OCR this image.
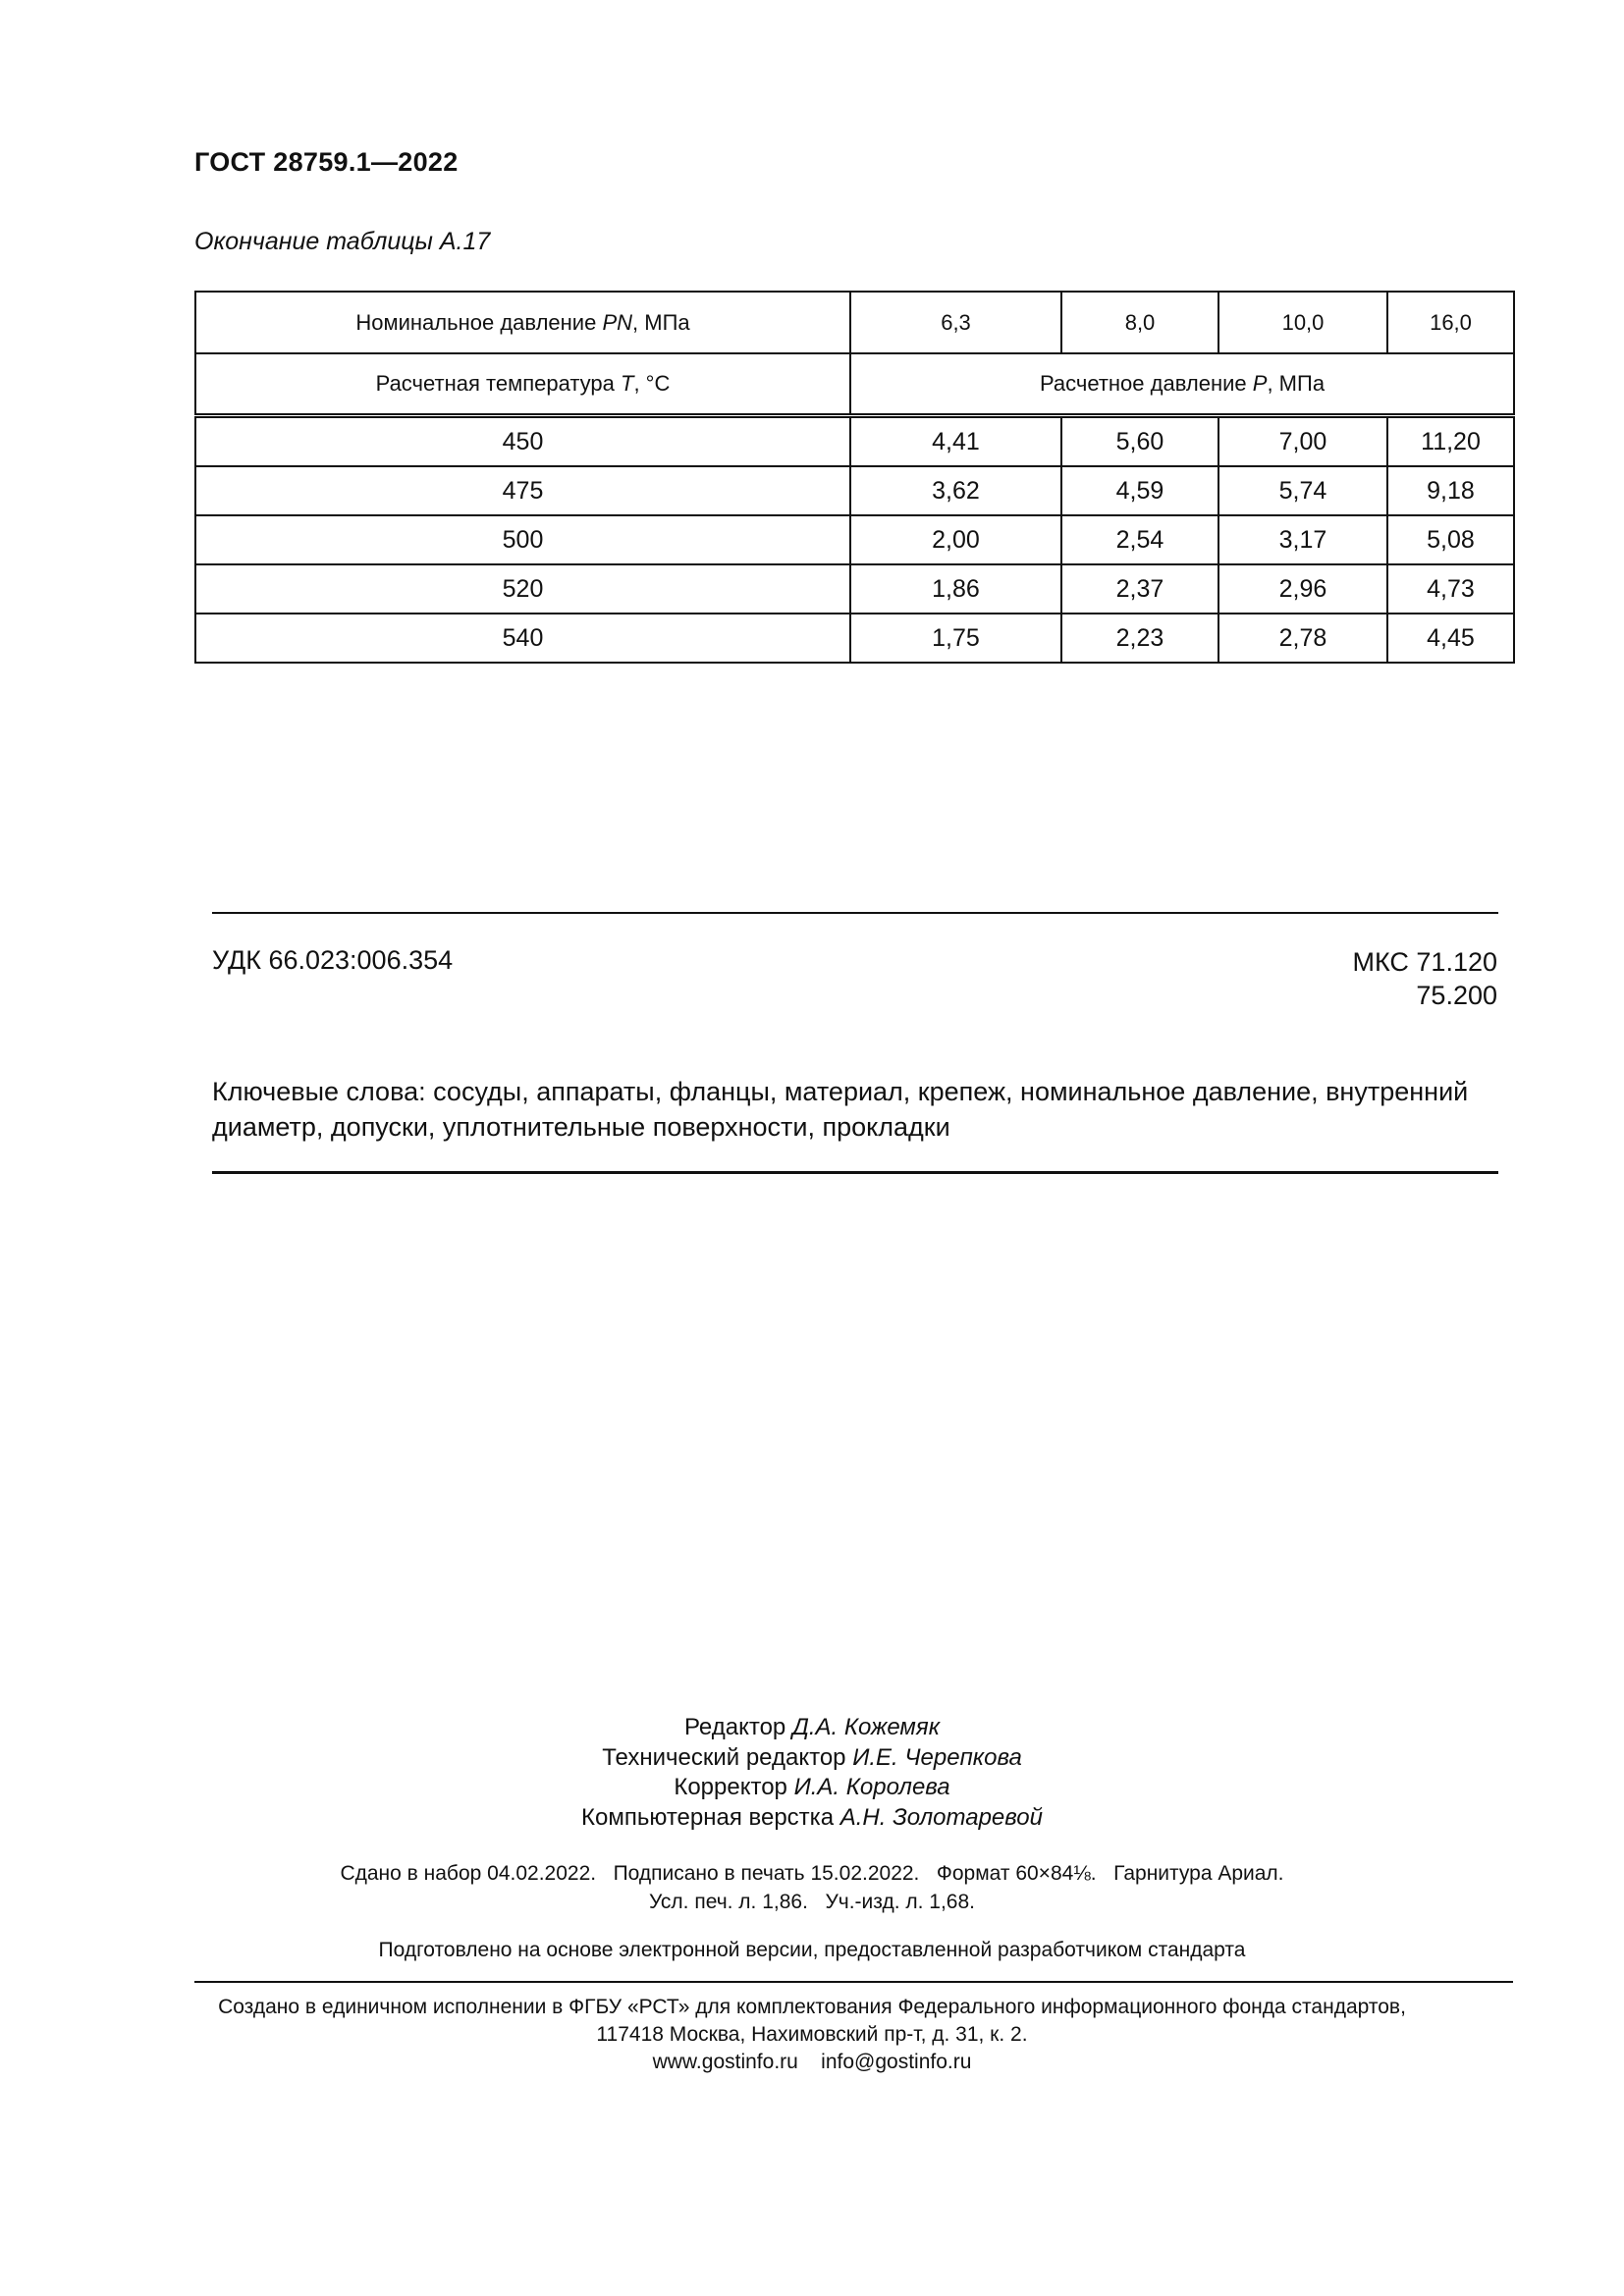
ГОСТ 28759.1—2022
Окончание таблицы А.17
Номинальное давление PN, МПа	6,3	8,0	10,0	16,0
Расчетная температура T, °С	Расчетное давление P, МПа			
450	4,41	5,60	7,00	11,20
475	3,62	4,59	5,74	9,18
500	2,00	2,54	3,17	5,08
520	1,86	2,37	2,96	4,73
540	1,75	2,23	2,78	4,45
УДК 66.023:006.354	МКС 71.120
75.200
Ключевые слова: сосуды, аппараты, фланцы, материал, крепеж, номинальное давление, внутренний
диаметр, допуски, уплотнительные поверхности, прокладки
Редактор Д.А. Кожемяк
Технический редактор И.Е. Черепкова
Корректор И.А. Королева
Компьютерная верстка А.Н. Золотаревой
Сдано в набор 04.02.2022.   Подписано в печать 15.02.2022.   Формат 60×84⅛.   Гарнитура Ариал.
Усл. печ. л. 1,86.   Уч.-изд. л. 1,68.
Подготовлено на основе электронной версии, предоставленной разработчиком стандарта
Создано в единичном исполнении в ФГБУ «РСТ» для комплектования Федерального информационного фонда стандартов,
117418 Москва, Нахимовский пр-т, д. 31, к. 2.
www.gostinfo.ru    info@gostinfo.ru
